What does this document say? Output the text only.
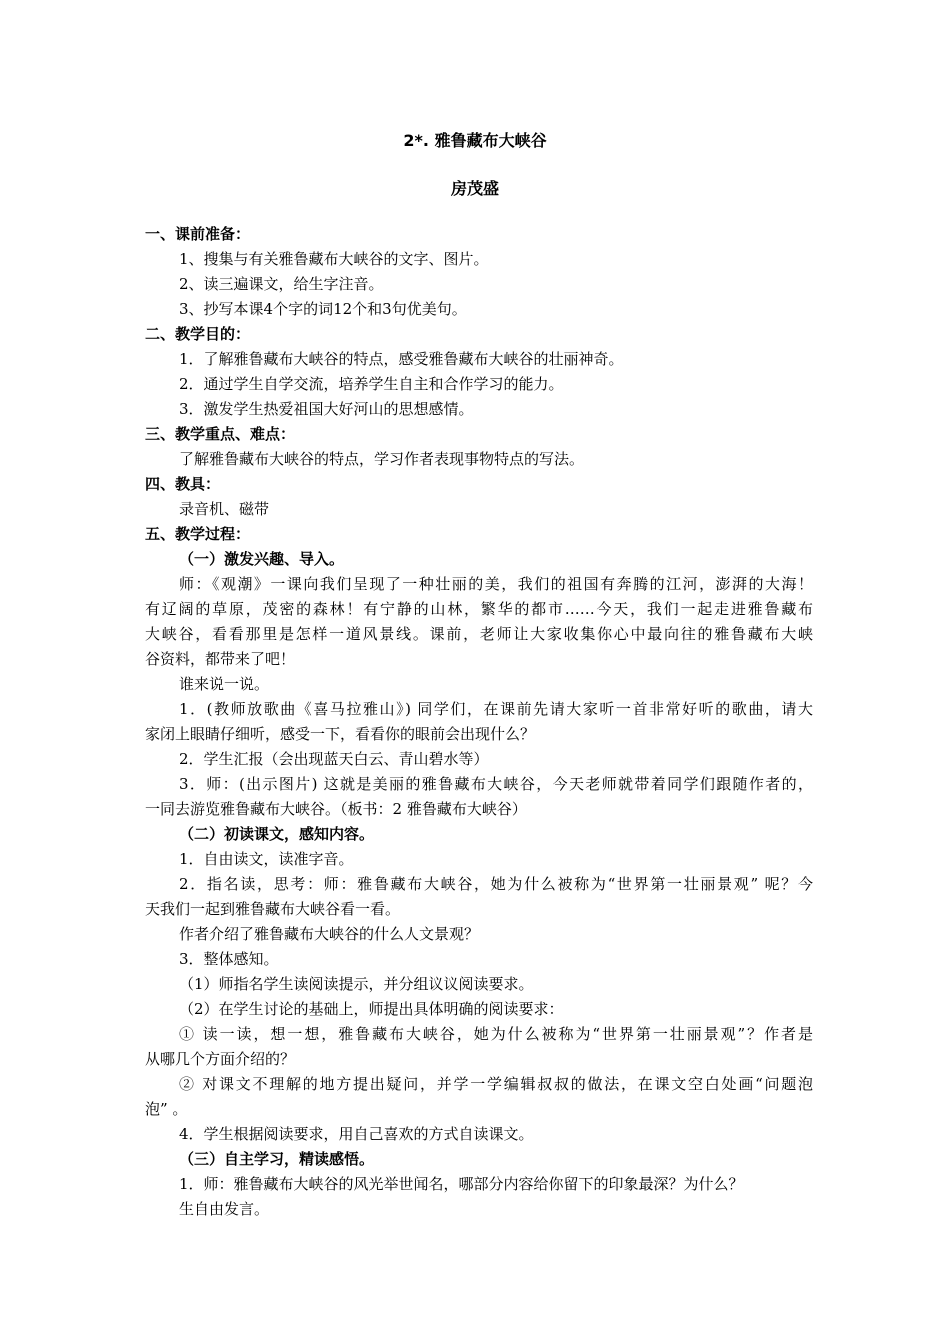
2*. 雅鲁藏布大峡谷
房茂盛
一、课前准备：
1、搜集与有关雅鲁藏布大峡谷的文字、图片。
2、读三遍课文，给生字注音。
3、抄写本课4个字的词12个和3句优美句。
二、教学目的：
1．了解雅鲁藏布大峡谷的特点，感受雅鲁藏布大峡谷的壮丽神奇。
2．通过学生自学交流，培养学生自主和合作学习的能力。
3．激发学生热爱祖国大好河山的思想感情。
三、教学重点、难点：
了解雅鲁藏布大峡谷的特点，学习作者表现事物特点的写法。
四、教具：
录音机、磁带
五、教学过程：
（一）激发兴趣、导入。
师：《观潮》一课向我们呈现了一种壮丽的美，我们的祖国有奔腾的江河，澎湃的大海！
有辽阔的草原，茂密的森林！有宁静的山林，繁华的都市……今天，我们一起走进雅鲁藏布
大峡谷，看看那里是怎样一道风景线。课前，老师让大家收集你心中最向往的雅鲁藏布大峡
谷资料，都带来了吧！
谁来说一说。
1．(教师放歌曲《喜马拉雅山》) 同学们，在课前先请大家听一首非常好听的歌曲，请大
家闭上眼睛仔细听，感受一下，看看你的眼前会出现什么？
2．学生汇报（会出现蓝天白云、青山碧水等）
3．师：(出示图片) 这就是美丽的雅鲁藏布大峡谷，今天老师就带着同学们跟随作者的，
一同去游览雅鲁藏布大峡谷。（板书：2 雅鲁藏布大峡谷）
（二）初读课文，感知内容。
1．自由读文，读准字音。
2．指名读，思考：师：雅鲁藏布大峡谷，她为什么被称为“世界第一壮丽景观” 呢？今
天我们一起到雅鲁藏布大峡谷看一看。
作者介绍了雅鲁藏布大峡谷的什么人文景观？
3．整体感知。
（1）师指名学生读阅读提示，并分组议议阅读要求。
（2）在学生讨论的基础上，师提出具体明确的阅读要求：
① 读一读，想一想，雅鲁藏布大峡谷，她为什么被称为“世界第一壮丽景观”？作者是
从哪几个方面介绍的？
② 对课文不理解的地方提出疑问，并学一学编辑叔叔的做法，在课文空白处画“问题泡
泡” 。
4．学生根据阅读要求，用自己喜欢的方式自读课文。
（三）自主学习，精读感悟。
1．师：雅鲁藏布大峡谷的风光举世闻名，哪部分内容给你留下的印象最深？为什么？
生自由发言。
